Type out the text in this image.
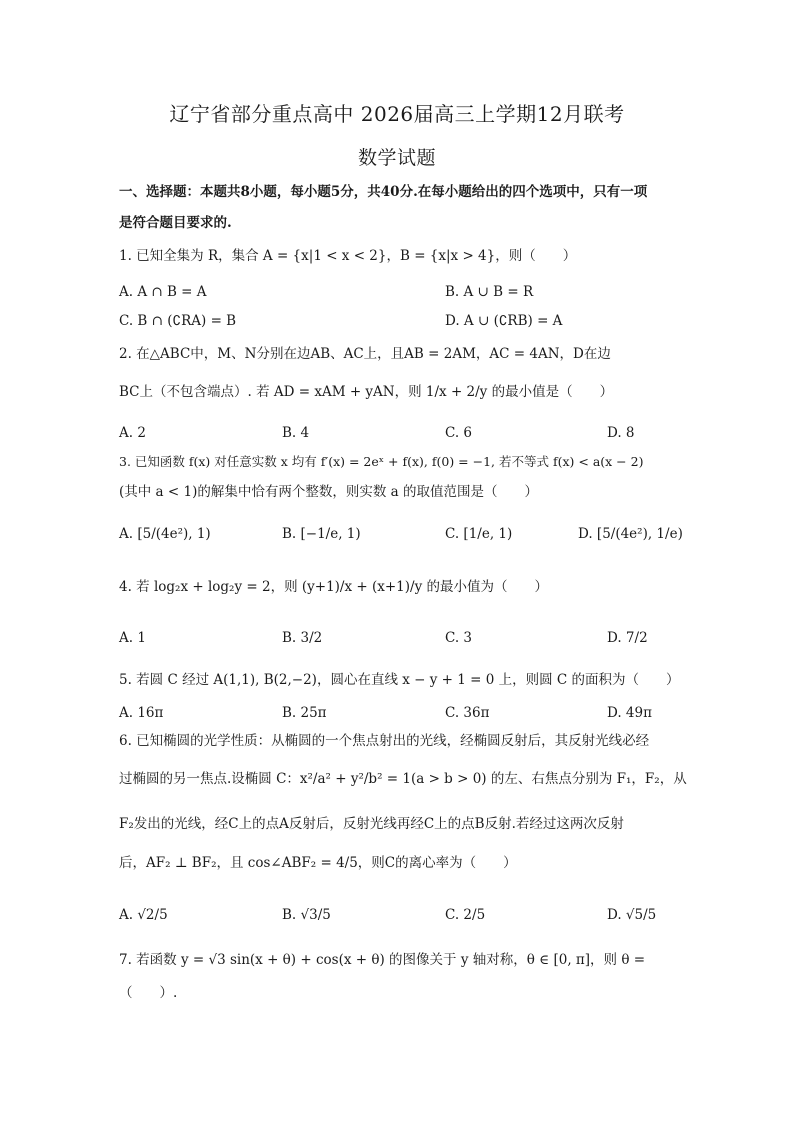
辽宁省部分重点高中 2026届高三上学期12月联考
数学试题
一、选择题：本题共8小题，每小题5分，共40分.在每小题给出的四个选项中，只有一项
是符合题目要求的.
1. 已知全集为 R，集合 A = {x|1 < x < 2}，B = {x|x > 4}，则（　　）
A. A ∩ B = A	B. A ∪ B = R
C. B ∩ (∁RA) = B	D. A ∪ (∁RB) = A
2. 在△ABC中，M、N分别在边AB、AC上，且AB = 2AM，AC = 4AN，D在边
BC上（不包含端点）. 若 AD = xAM + yAN，则 1/x + 2/y 的最小值是（　　）
A. 2	B. 4	C. 6	D. 8
3. 已知函数 f(x) 对任意实数 x 均有 f′(x) = 2eˣ + f(x), f(0) = −1, 若不等式 f(x) < a(x − 2)
(其中 a < 1)的解集中恰有两个整数，则实数 a 的取值范围是（　　）
A. [5/(4e²), 1)	B. [−1/e, 1)	C. [1/e, 1)	D. [5/(4e²), 1/e)
4. 若 log₂x + log₂y = 2，则 (y+1)/x + (x+1)/y 的最小值为（　　）
A. 1	B. 3/2	C. 3	D. 7/2
5. 若圆 C 经过 A(1,1), B(2,−2)，圆心在直线 x − y + 1 = 0 上，则圆 C 的面积为（　　）
A. 16π	B. 25π	C. 36π	D. 49π
6. 已知椭圆的光学性质：从椭圆的一个焦点射出的光线，经椭圆反射后，其反射光线必经
过椭圆的另一焦点.设椭圆 C：x²/a² + y²/b² = 1(a > b > 0) 的左、右焦点分别为 F₁，F₂，从
F₂发出的光线，经C上的点A反射后，反射光线再经C上的点B反射.若经过这两次反射
后，AF₂ ⊥ BF₂，且 cos∠ABF₂ = 4/5，则C的离心率为（　　）
A. √2/5	B. √3/5	C. 2/5	D. √5/5
7. 若函数 y = √3 sin(x + θ) + cos(x + θ) 的图像关于 y 轴对称，θ ∈ [0, π]，则 θ =
（　　）.
